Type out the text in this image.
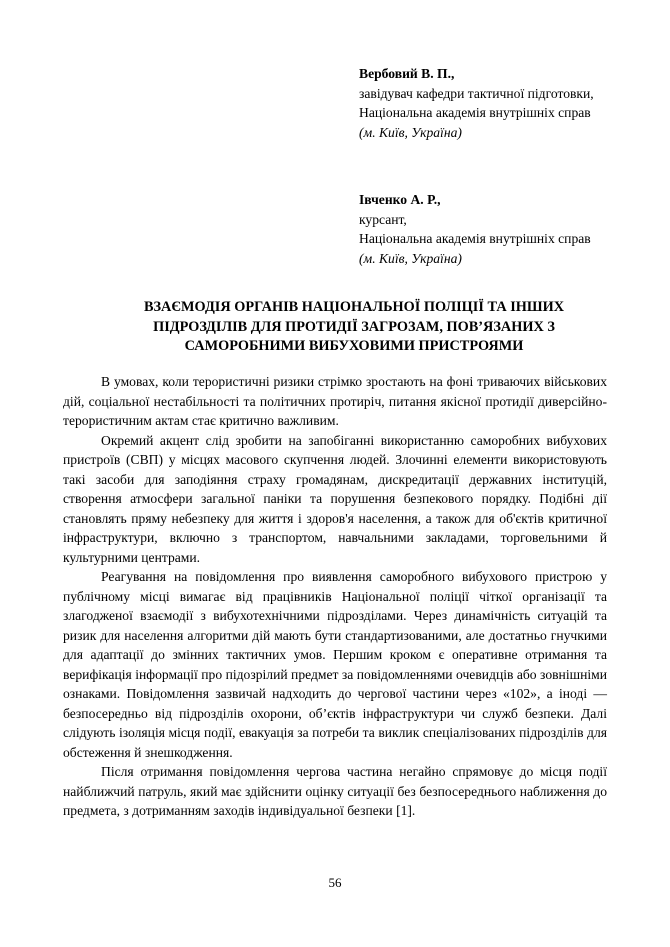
Вербовий В. П.,

завідувач кафедри тактичної підготовки,

Національна академія внутрішніх справ

(м. Київ, Україна)

Івченко А. Р.,

курсант,

Національна академія внутрішніх справ

(м. Київ, Україна)

ВЗАЄМОДІЯ ОРГАНІВ НАЦІОНАЛЬНОЇ ПОЛІЦІЇ ТА ІНШИХ ПІДРОЗДІЛІВ ДЛЯ ПРОТИДІЇ ЗАГРОЗАМ, ПОВ’ЯЗАНИХ З САМОРОБНИМИ ВИБУХОВИМИ ПРИСТРОЯМИ

В умовах, коли терористичні ризики стрімко зростають на фоні триваючих військових дій, соціальної нестабільності та політичних протиріч, питання якісної протидії диверсійно-терористичним актам стає критично важливим.

Окремий акцент слід зробити на запобіганні використанню саморобних вибухових пристроїв (СВП) у місцях масового скупчення людей. Злочинні елементи використовують такі засоби для заподіяння страху громадянам, дискредитації державних інституцій, створення атмосфери загальної паніки та порушення безпекового порядку. Подібні дії становлять пряму небезпеку для життя і здоров'я населення, а також для об'єктів критичної інфраструктури, включно з транспортом, навчальними закладами, торговельними й культурними центрами.

Реагування на повідомлення про виявлення саморобного вибухового пристрою у публічному місці вимагає від працівників Національної поліції чіткої організації та злагодженої взаємодії з вибухотехнічними підрозділами. Через динамічність ситуацій та ризик для населення алгоритми дій мають бути стандартизованими, але достатньо гнучкими для адаптації до змінних тактичних умов. Першим кроком є оперативне отримання та верифікація інформації про підозрілий предмет за повідомленнями очевидців або зовнішніми ознаками. Повідомлення зазвичай надходить до чергової частини через «102», а іноді — безпосередньо від підрозділів охорони, об’єктів інфраструктури чи служб безпеки. Далі слідують ізоляція місця події, евакуація за потреби та виклик спеціалізованих підрозділів для обстеження й знешкодження.

Після отримання повідомлення чергова частина негайно спрямовує до місця події найближчий патруль, який має здійснити оцінку ситуації без безпосереднього наближення до предмета, з дотриманням заходів індивідуальної безпеки [1].

56
